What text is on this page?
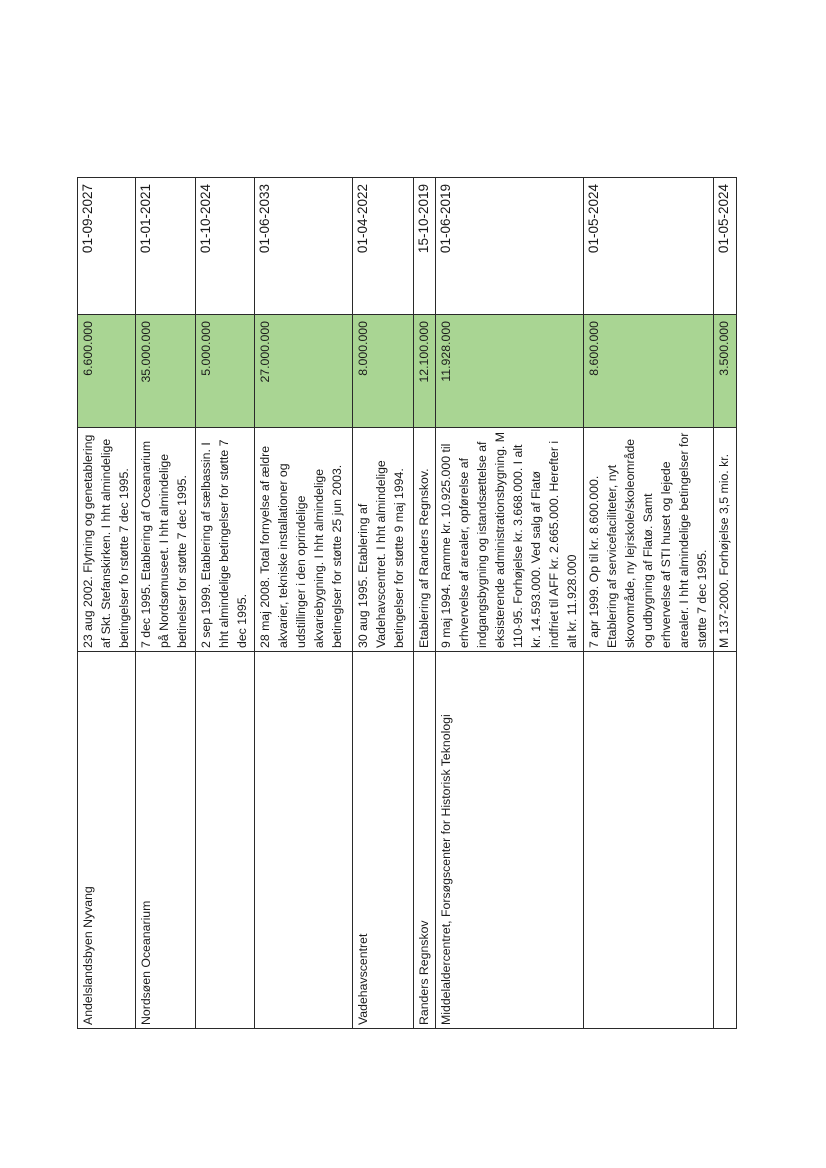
Andelslandsbyen Nyvang	23 aug 2002. Flytning og genetablering af Skt. Stefanskirken. I hht almindelige betingelser fo rstøtte 7 dec 1995.	6.600.000	01-09-2027
Nordsøen Oceanarium	7 dec 1995. Etablering af Oceanarium på Nordsømuseet. I hht almindelige betinelser for støtte 7 dec 1995.	35.000.000	01-01-2021
	2 sep 1999. Etablering af sælbassin. I hht almindelige betingelser for støtte 7 dec 1995.	5.000.000	01-10-2024
	28 maj 2008. Total fornyelse af ældre akvarier, tekniske installationer og udstillinger i den oprindelige akvariebygning. I hht almindelige betineglser for støtte 25 jun 2003.	27.000.000	01-06-2033
Vadehavscentret	30 aug 1995. Etablering af Vadehavscentret. I hht almindelige betingelser for støtte 9 maj 1994.	8.000.000	01-04-2022
Randers Regnskov	Etablering af Randers Regnskov.	12.100.000	15-10-2019
Middelaldercentret, Forsøgscenter for Historisk Teknologi	9 maj 1994. Ramme kr. 10.925.000 til erhvervelse af arealer, opførelse af indgangsbygning og istandsættelse af eksisterende administrationsbygning. M 110-95. Forhøjelse kr. 3.668.000. I alt kr. 14.593.000. Ved salg af Flatø indfriet til AFF kr. 2.665.000. Herefter i alt kr. 11.928.000	11.928.000	01-06-2019
	7 apr 1999. Op til kr. 8.600.000. Etablering af servicefaciliteter, nyt skovområde, ny lejrskole/skoleområde og udbygning af Flatø. Samt erhvervelse af STI huset og lejede arealer. I hht almindelige betingelser for støtte 7 dec 1995.	8.600.000	01-05-2024
	M 137-2000. Forhøjelse 3,5 mio. kr.	3.500.000	01-05-2024
